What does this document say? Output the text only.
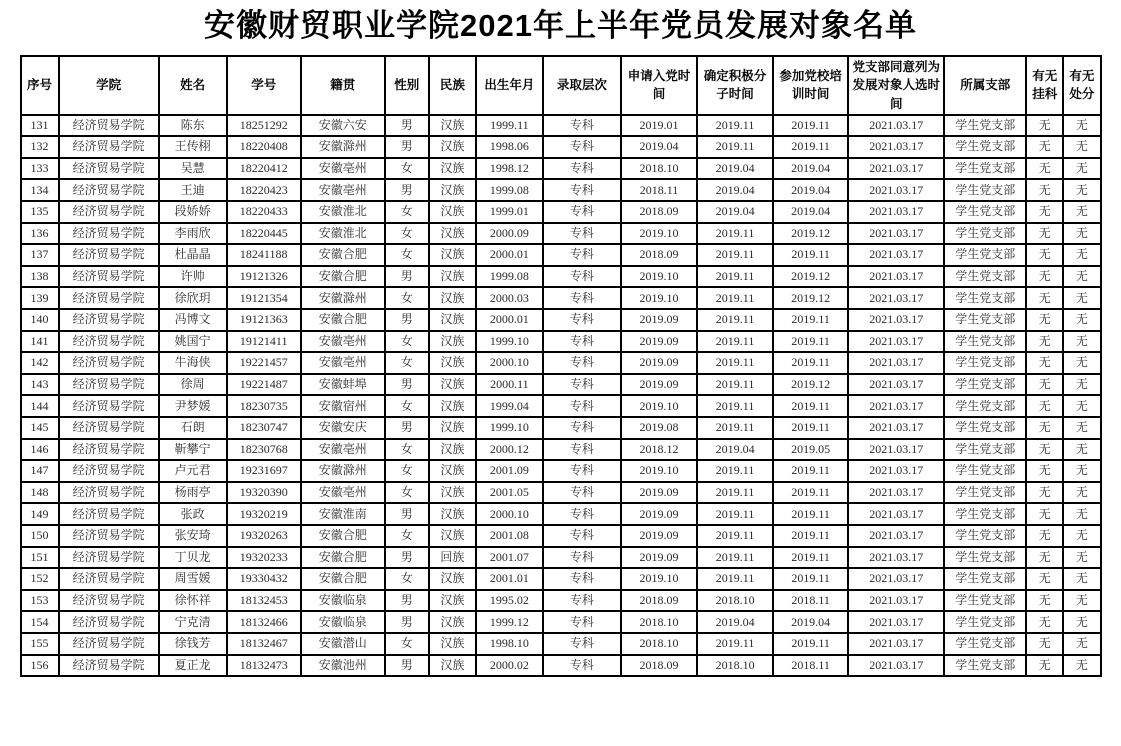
安徽财贸职业学院2021年上半年党员发展对象名单
序号	学院	姓名	学号	籍贯	性别	民族	出生年月	录取层次	申请入党时间	确定积极分子时间	参加党校培训时间	党支部同意列为发展对象人选时间	所属支部	有无挂科	有无处分
131	经济贸易学院	陈东	18251292	安徽六安	男	汉族	1999.11	专科	2019.01	2019.11	2019.11	2021.03.17	学生党支部	无	无
132	经济贸易学院	王传栩	18220408	安徽滁州	男	汉族	1998.06	专科	2019.04	2019.11	2019.11	2021.03.17	学生党支部	无	无
133	经济贸易学院	吴慧	18220412	安徽亳州	女	汉族	1998.12	专科	2018.10	2019.04	2019.04	2021.03.17	学生党支部	无	无
134	经济贸易学院	王迪	18220423	安徽亳州	男	汉族	1999.08	专科	2018.11	2019.04	2019.04	2021.03.17	学生党支部	无	无
135	经济贸易学院	段娇娇	18220433	安徽淮北	女	汉族	1999.01	专科	2018.09	2019.04	2019.04	2021.03.17	学生党支部	无	无
136	经济贸易学院	李雨欣	18220445	安徽淮北	女	汉族	2000.09	专科	2019.10	2019.11	2019.12	2021.03.17	学生党支部	无	无
137	经济贸易学院	杜晶晶	18241188	安徽合肥	女	汉族	2000.01	专科	2018.09	2019.11	2019.11	2021.03.17	学生党支部	无	无
138	经济贸易学院	许帅	19121326	安徽合肥	男	汉族	1999.08	专科	2019.10	2019.11	2019.12	2021.03.17	学生党支部	无	无
139	经济贸易学院	徐欣玥	19121354	安徽滁州	女	汉族	2000.03	专科	2019.10	2019.11	2019.12	2021.03.17	学生党支部	无	无
140	经济贸易学院	冯博文	19121363	安徽合肥	男	汉族	2000.01	专科	2019.09	2019.11	2019.11	2021.03.17	学生党支部	无	无
141	经济贸易学院	姚国宁	19121411	安徽亳州	女	汉族	1999.10	专科	2019.09	2019.11	2019.11	2021.03.17	学生党支部	无	无
142	经济贸易学院	牛海侠	19221457	安徽亳州	女	汉族	2000.10	专科	2019.09	2019.11	2019.11	2021.03.17	学生党支部	无	无
143	经济贸易学院	徐周	19221487	安徽蚌埠	男	汉族	2000.11	专科	2019.09	2019.11	2019.12	2021.03.17	学生党支部	无	无
144	经济贸易学院	尹梦媛	18230735	安徽宿州	女	汉族	1999.04	专科	2019.10	2019.11	2019.11	2021.03.17	学生党支部	无	无
145	经济贸易学院	石朗	18230747	安徽安庆	男	汉族	1999.10	专科	2019.08	2019.11	2019.11	2021.03.17	学生党支部	无	无
146	经济贸易学院	靳攀宁	18230768	安徽亳州	女	汉族	2000.12	专科	2018.12	2019.04	2019.05	2021.03.17	学生党支部	无	无
147	经济贸易学院	卢元君	19231697	安徽滁州	女	汉族	2001.09	专科	2019.10	2019.11	2019.11	2021.03.17	学生党支部	无	无
148	经济贸易学院	杨雨亭	19320390	安徽亳州	女	汉族	2001.05	专科	2019.09	2019.11	2019.11	2021.03.17	学生党支部	无	无
149	经济贸易学院	张政	19320219	安徽淮南	男	汉族	2000.10	专科	2019.09	2019.11	2019.11	2021.03.17	学生党支部	无	无
150	经济贸易学院	张安琦	19320263	安徽合肥	女	汉族	2001.08	专科	2019.09	2019.11	2019.11	2021.03.17	学生党支部	无	无
151	经济贸易学院	丁贝龙	19320233	安徽合肥	男	回族	2001.07	专科	2019.09	2019.11	2019.11	2021.03.17	学生党支部	无	无
152	经济贸易学院	周雪媛	19330432	安徽合肥	女	汉族	2001.01	专科	2019.10	2019.11	2019.11	2021.03.17	学生党支部	无	无
153	经济贸易学院	徐怀祥	18132453	安徽临泉	男	汉族	1995.02	专科	2018.09	2018.10	2018.11	2021.03.17	学生党支部	无	无
154	经济贸易学院	宁克清	18132466	安徽临泉	男	汉族	1999.12	专科	2018.10	2019.04	2019.04	2021.03.17	学生党支部	无	无
155	经济贸易学院	徐钱芳	18132467	安徽潜山	女	汉族	1998.10	专科	2018.10	2019.11	2019.11	2021.03.17	学生党支部	无	无
156	经济贸易学院	夏正龙	18132473	安徽池州	男	汉族	2000.02	专科	2018.09	2018.10	2018.11	2021.03.17	学生党支部	无	无
